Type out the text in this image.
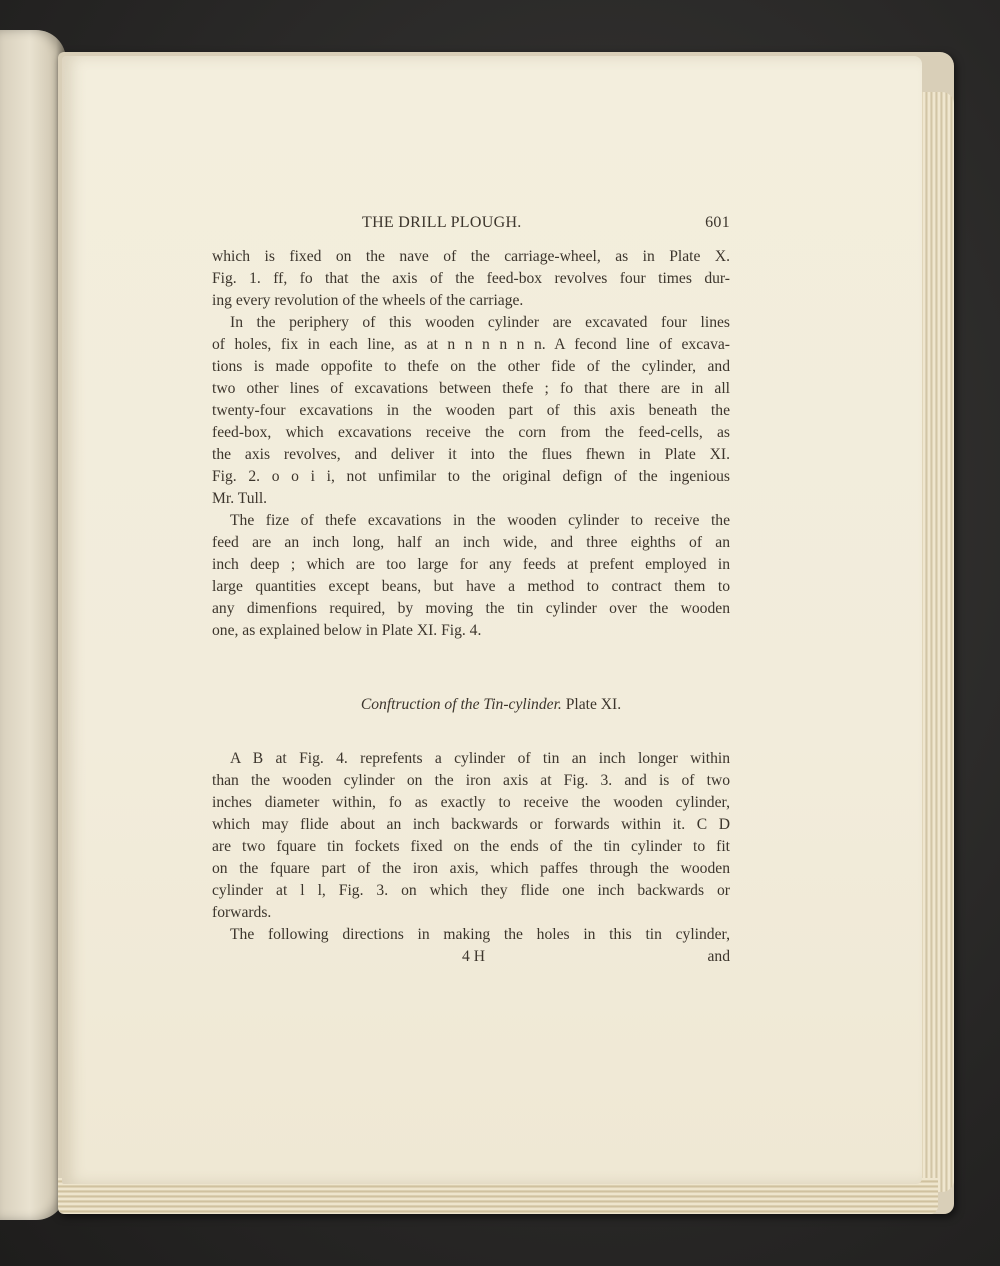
THE DRILL PLOUGH.	601
which is fixed on the nave of the carriage-wheel, as in Plate X.
Fig. 1. ff, fo that the axis of the feed-box revolves four times dur-
ing every revolution of the wheels of the carriage.
In the periphery of this wooden cylinder are excavated four lines
of holes, fix in each line, as at n n n n n n. A fecond line of excava-
tions is made oppofite to thefe on the other fide of the cylinder, and
two other lines of excavations between thefe ; fo that there are in all
twenty-four excavations in the wooden part of this axis beneath the
feed-box, which excavations receive the corn from the feed-cells, as
the axis revolves, and deliver it into the flues fhewn in Plate XI.
Fig. 2. o o i i, not unfimilar to the original defign of the ingenious
Mr. Tull.
The fize of thefe excavations in the wooden cylinder to receive the
feed are an inch long, half an inch wide, and three eighths of an
inch deep ; which are too large for any feeds at prefent employed in
large quantities except beans, but have a method to contract them to
any dimenfions required, by moving the tin cylinder over the wooden
one, as explained below in Plate XI. Fig. 4.
Conftruction of the Tin-cylinder. Plate XI.
A B at Fig. 4. reprefents a cylinder of tin an inch longer within
than the wooden cylinder on the iron axis at Fig. 3. and is of two
inches diameter within, fo as exactly to receive the wooden cylinder,
which may flide about an inch backwards or forwards within it. C D
are two fquare tin fockets fixed on the ends of the tin cylinder to fit
on the fquare part of the iron axis, which paffes through the wooden
cylinder at l l, Fig. 3. on which they flide one inch backwards or
forwards.
The following directions in making the holes in this tin cylinder,
4 H	and
